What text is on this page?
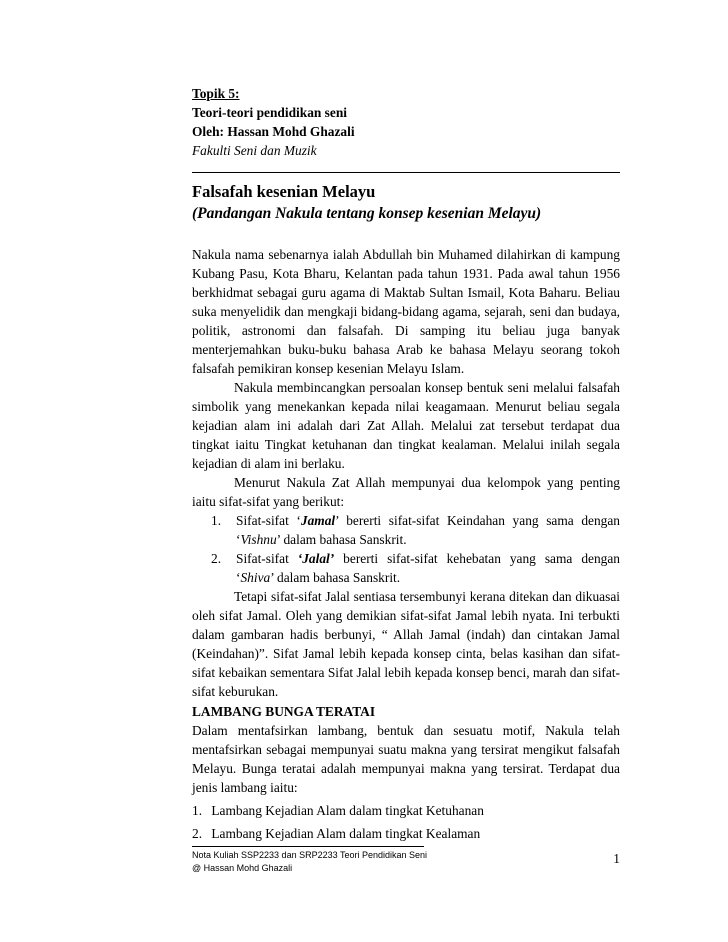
Topik 5:
Teori-teori pendidikan seni
Oleh: Hassan Mohd Ghazali
Fakulti Seni dan Muzik
Falsafah kesenian Melayu
(Pandangan Nakula tentang konsep kesenian Melayu)

Nakula nama sebenarnya ialah Abdullah bin Muhamed dilahirkan di kampung Kubang Pasu, Kota Bharu, Kelantan pada tahun 1931. Pada awal tahun 1956 berkhidmat sebagai guru agama di Maktab Sultan Ismail, Kota Baharu. Beliau suka menyelidik dan mengkaji bidang-bidang agama, sejarah, seni dan budaya, politik, astronomi dan falsafah. Di samping itu beliau juga banyak menterjemahkan buku-buku bahasa Arab ke bahasa Melayu seorang tokoh falsafah pemikiran konsep kesenian Melayu Islam.

Nakula membincangkan persoalan konsep bentuk seni melalui falsafah simbolik yang menekankan kepada nilai keagamaan. Menurut beliau segala kejadian alam ini adalah dari Zat Allah. Melalui zat tersebut terdapat dua tingkat iaitu Tingkat ketuhanan dan tingkat kealaman. Melalui inilah segala kejadian di alam ini berlaku.

Menurut Nakula Zat Allah mempunyai dua kelompok yang penting iaitu sifat-sifat yang berikut:

1. Sifat-sifat ‘Jamal’ bererti sifat-sifat Keindahan yang sama dengan ‘Vishnu’ dalam bahasa Sanskrit.
2. Sifat-sifat ‘Jalal’ bererti sifat-sifat kehebatan yang sama dengan ‘Shiva’ dalam bahasa Sanskrit.

Tetapi sifat-sifat Jalal sentiasa tersembunyi kerana ditekan dan dikuasai oleh sifat Jamal. Oleh yang demikian sifat-sifat Jamal lebih nyata. Ini terbukti dalam gambaran hadis berbunyi, “ Allah Jamal (indah) dan cintakan Jamal (Keindahan)”. Sifat Jamal lebih kepada konsep cinta, belas kasihan dan sifat-sifat kebaikan sementara Sifat Jalal lebih kepada konsep benci, marah dan sifat-sifat keburukan.

LAMBANG BUNGA TERATAI

Dalam mentafsirkan lambang, bentuk dan sesuatu motif, Nakula telah mentafsirkan sebagai mempunyai suatu makna yang tersirat mengikut falsafah Melayu. Bunga teratai adalah mempunyai makna yang tersirat. Terdapat dua jenis lambang iaitu:

1. Lambang Kejadian Alam dalam tingkat Ketuhanan
2. Lambang Kejadian Alam dalam tingkat Kealaman
Nota Kuliah SSP2233 dan SRP2233 Teori Pendidikan Seni
@ Hassan Mohd Ghazali
1
